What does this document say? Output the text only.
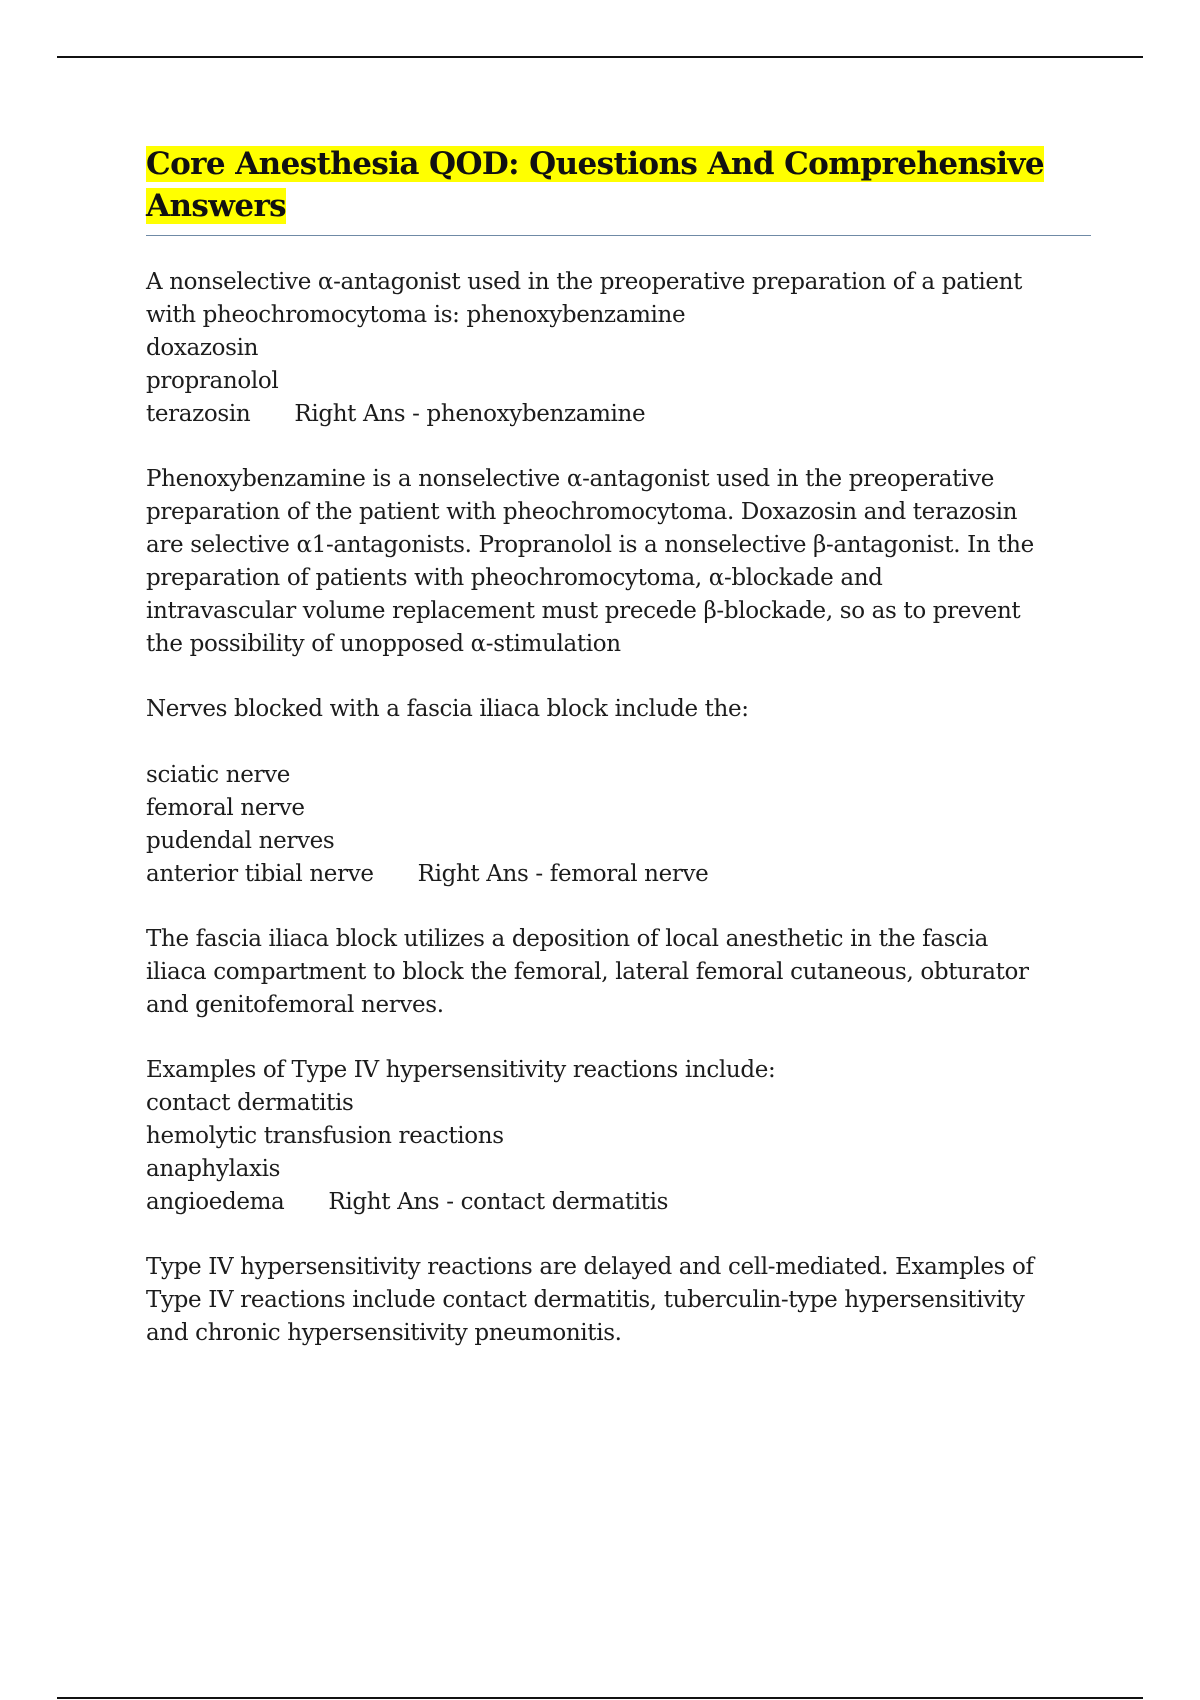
Core Anesthesia QOD: Questions And Comprehensive Answers
A nonselective α-antagonist used in the preoperative preparation of a patient
with pheochromocytoma is: phenoxybenzamine
doxazosin
propranolol
terazosin Right Ans - phenoxybenzamine
Phenoxybenzamine is a nonselective α-antagonist used in the preoperative
preparation of the patient with pheochromocytoma. Doxazosin and terazosin
are selective α1-antagonists. Propranolol is a nonselective β-antagonist. In the
preparation of patients with pheochromocytoma, α-blockade and
intravascular volume replacement must precede β-blockade, so as to prevent
the possibility of unopposed α-stimulation
Nerves blocked with a fascia iliaca block include the:
sciatic nerve
femoral nerve
pudendal nerves
anterior tibial nerve Right Ans - femoral nerve
The fascia iliaca block utilizes a deposition of local anesthetic in the fascia
iliaca compartment to block the femoral, lateral femoral cutaneous, obturator
and genitofemoral nerves.
Examples of Type IV hypersensitivity reactions include:
contact dermatitis
hemolytic transfusion reactions
anaphylaxis
angioedema Right Ans - contact dermatitis
Type IV hypersensitivity reactions are delayed and cell-mediated. Examples of
Type IV reactions include contact dermatitis, tuberculin-type hypersensitivity
and chronic hypersensitivity pneumonitis.
